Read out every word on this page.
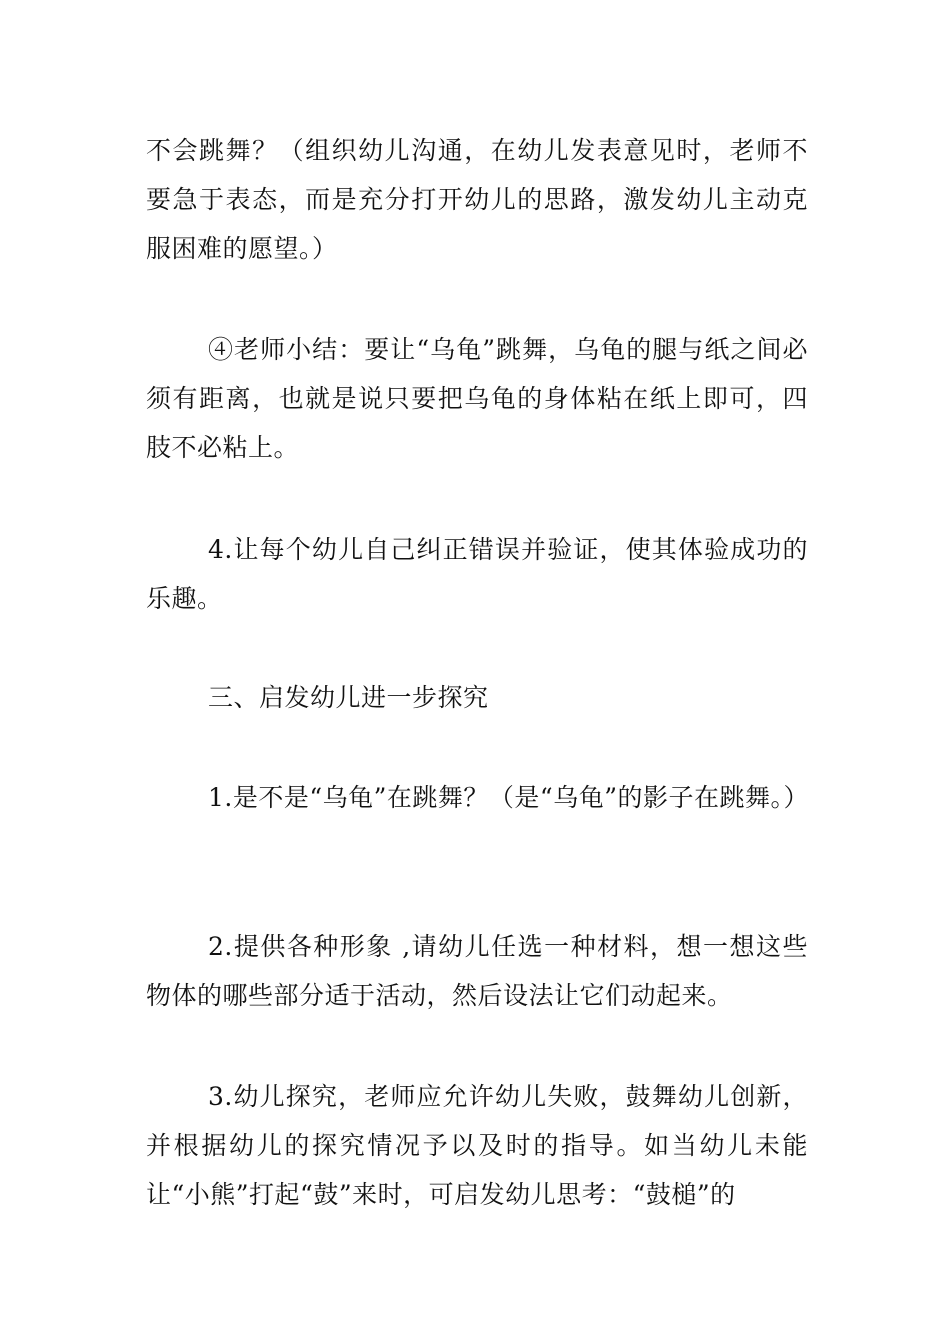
不会跳舞？（组织幼儿沟通，在幼儿发表意见时，老师不要急于表态，而是充分打开幼儿的思路，激发幼儿主动克服困难的愿望。）

④老师小结：要让“乌龟”跳舞，乌龟的腿与纸之间必须有距离，也就是说只要把乌龟的身体粘在纸上即可，四肢不必粘上。

4.让每个幼儿自己纠正错误并验证，使其体验成功的乐趣。

三、启发幼儿进一步探究

1.是不是“乌龟”在跳舞？（是“乌龟”的影子在跳舞。）

2.提供各种形象 ,请幼儿任选一种材料，想一想这些物体的哪些部分适于活动，然后设法让它们动起来。

3.幼儿探究，老师应允许幼儿失败，鼓舞幼儿创新，并根据幼儿的探究情况予以及时的指导。如当幼儿未能让“小熊”打起“鼓”来时，可启发幼儿思考：“鼓槌”的
